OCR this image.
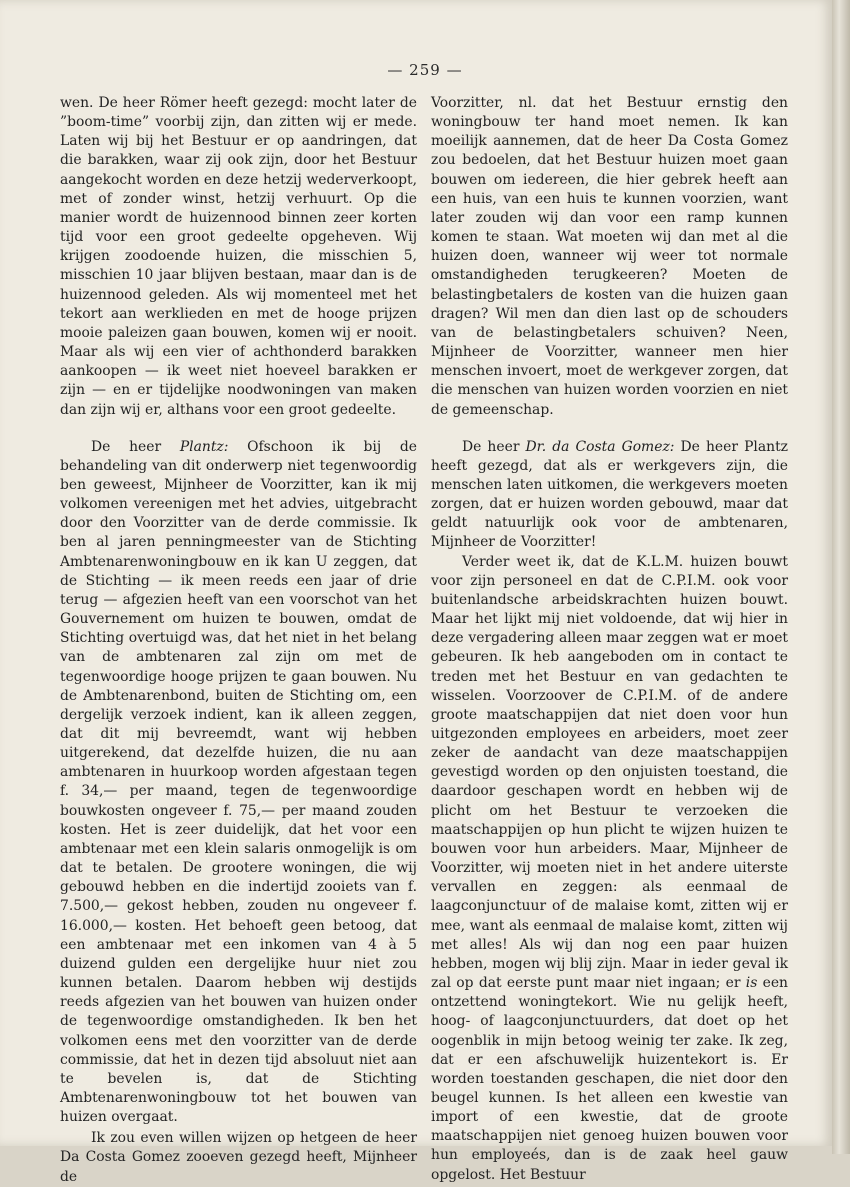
— 259 —

wen. De heer Römer heeft gezegd: mocht later de ”boom-time” voorbij zijn, dan zitten wij er mede. Laten wij bij het Bestuur er op aandringen, dat die barakken, waar zij ook zijn, door het Bestuur aangekocht worden en deze hetzij wederverkoopt, met of zonder winst, hetzij verhuurt. Op die manier wordt de huizennood binnen zeer korten tijd voor een groot gedeelte opgeheven. Wij krijgen zoodoende huizen, die misschien 5, misschien 10 jaar blijven bestaan, maar dan is de huizennood geleden. Als wij momenteel met het tekort aan werklieden en met de hooge prijzen mooie paleizen gaan bouwen, komen wij er nooit. Maar als wij een vier of achthonderd barakken aankoopen — ik weet niet hoeveel barakken er zijn — en er tijdelijke noodwoningen van maken dan zijn wij er, althans voor een groot gedeelte.

De heer Plantz: Ofschoon ik bij de behandeling van dit onderwerp niet tegenwoordig ben geweest, Mijnheer de Voorzitter, kan ik mij volkomen vereenigen met het advies, uitgebracht door den Voorzitter van de derde commissie. Ik ben al jaren penningmeester van de Stichting Ambtenarenwoningbouw en ik kan U zeggen, dat de Stichting — ik meen reeds een jaar of drie terug — afgezien heeft van een voorschot van het Gouvernement om huizen te bouwen, omdat de Stichting overtuigd was, dat het niet in het belang van de ambtenaren zal zijn om met de tegenwoordige hooge prijzen te gaan bouwen. Nu de Ambtenarenbond, buiten de Stichting om, een dergelijk verzoek indient, kan ik alleen zeggen, dat dit mij bevreemdt, want wij hebben uitgerekend, dat dezelfde huizen, die nu aan ambtenaren in huurkoop worden afgestaan tegen f. 34,— per maand, tegen de tegenwoordige bouwkosten ongeveer f. 75,— per maand zouden kosten. Het is zeer duidelijk, dat het voor een ambtenaar met een klein salaris onmogelijk is om dat te betalen. De grootere woningen, die wij gebouwd hebben en die indertijd zooiets van f. 7.500,— gekost hebben, zouden nu ongeveer f. 16.000,— kosten. Het behoeft geen betoog, dat een ambtenaar met een inkomen van 4 à 5 duizend gulden een dergelijke huur niet zou kunnen betalen. Daarom hebben wij destijds reeds afgezien van het bouwen van huizen onder de tegenwoordige omstandigheden. Ik ben het volkomen eens met den voorzitter van de derde commissie, dat het in dezen tijd absoluut niet aan te bevelen is, dat de Stichting Ambtenarenwoningbouw tot het bouwen van huizen overgaat.

Ik zou even willen wijzen op hetgeen de heer Da Costa Gomez zooeven gezegd heeft, Mijnheer de

Voorzitter, nl. dat het Bestuur ernstig den woningbouw ter hand moet nemen. Ik kan moeilijk aannemen, dat de heer Da Costa Gomez zou bedoelen, dat het Bestuur huizen moet gaan bouwen om iedereen, die hier gebrek heeft aan een huis, van een huis te kunnen voorzien, want later zouden wij dan voor een ramp kunnen komen te staan. Wat moeten wij dan met al die huizen doen, wanneer wij weer tot normale omstandigheden terugkeeren? Moeten de belastingbetalers de kosten van die huizen gaan dragen? Wil men dan dien last op de schouders van de belastingbetalers schuiven? Neen, Mijnheer de Voorzitter, wanneer men hier menschen invoert, moet de werkgever zorgen, dat die menschen van huizen worden voorzien en niet de gemeenschap.

De heer Dr. da Costa Gomez: De heer Plantz heeft gezegd, dat als er werkgevers zijn, die menschen laten uitkomen, die werkgevers moeten zorgen, dat er huizen worden gebouwd, maar dat geldt natuurlijk ook voor de ambtenaren, Mijnheer de Voorzitter!

Verder weet ik, dat de K.L.M. huizen bouwt voor zijn personeel en dat de C.P.I.M. ook voor buitenlandsche arbeidskrachten huizen bouwt. Maar het lijkt mij niet voldoende, dat wij hier in deze vergadering alleen maar zeggen wat er moet gebeuren. Ik heb aangeboden om in contact te treden met het Bestuur en van gedachten te wisselen. Voorzoover de C.P.I.M. of de andere groote maatschappijen dat niet doen voor hun uitgezonden employees en arbeiders, moet zeer zeker de aandacht van deze maatschappijen gevestigd worden op den onjuisten toestand, die daardoor geschapen wordt en hebben wij de plicht om het Bestuur te verzoeken die maatschappijen op hun plicht te wijzen huizen te bouwen voor hun arbeiders. Maar, Mijnheer de Voorzitter, wij moeten niet in het andere uiterste vervallen en zeggen: als eenmaal de laagconjunctuur of de malaise komt, zitten wij er mee, want als eenmaal de malaise komt, zitten wij met alles! Als wij dan nog een paar huizen hebben, mogen wij blij zijn. Maar in ieder geval ik zal op dat eerste punt maar niet ingaan; er is een ontzettend woningtekort. Wie nu gelijk heeft, hoog- of laagconjunctuurders, dat doet op het oogenblik in mijn betoog weinig ter zake. Ik zeg, dat er een afschuwelijk huizentekort is. Er worden toestanden geschapen, die niet door den beugel kunnen. Is het alleen een kwestie van import of een kwestie, dat de groote maatschappijen niet genoeg huizen bouwen voor hun employeés, dan is de zaak heel gauw opgelost. Het Bestuur
